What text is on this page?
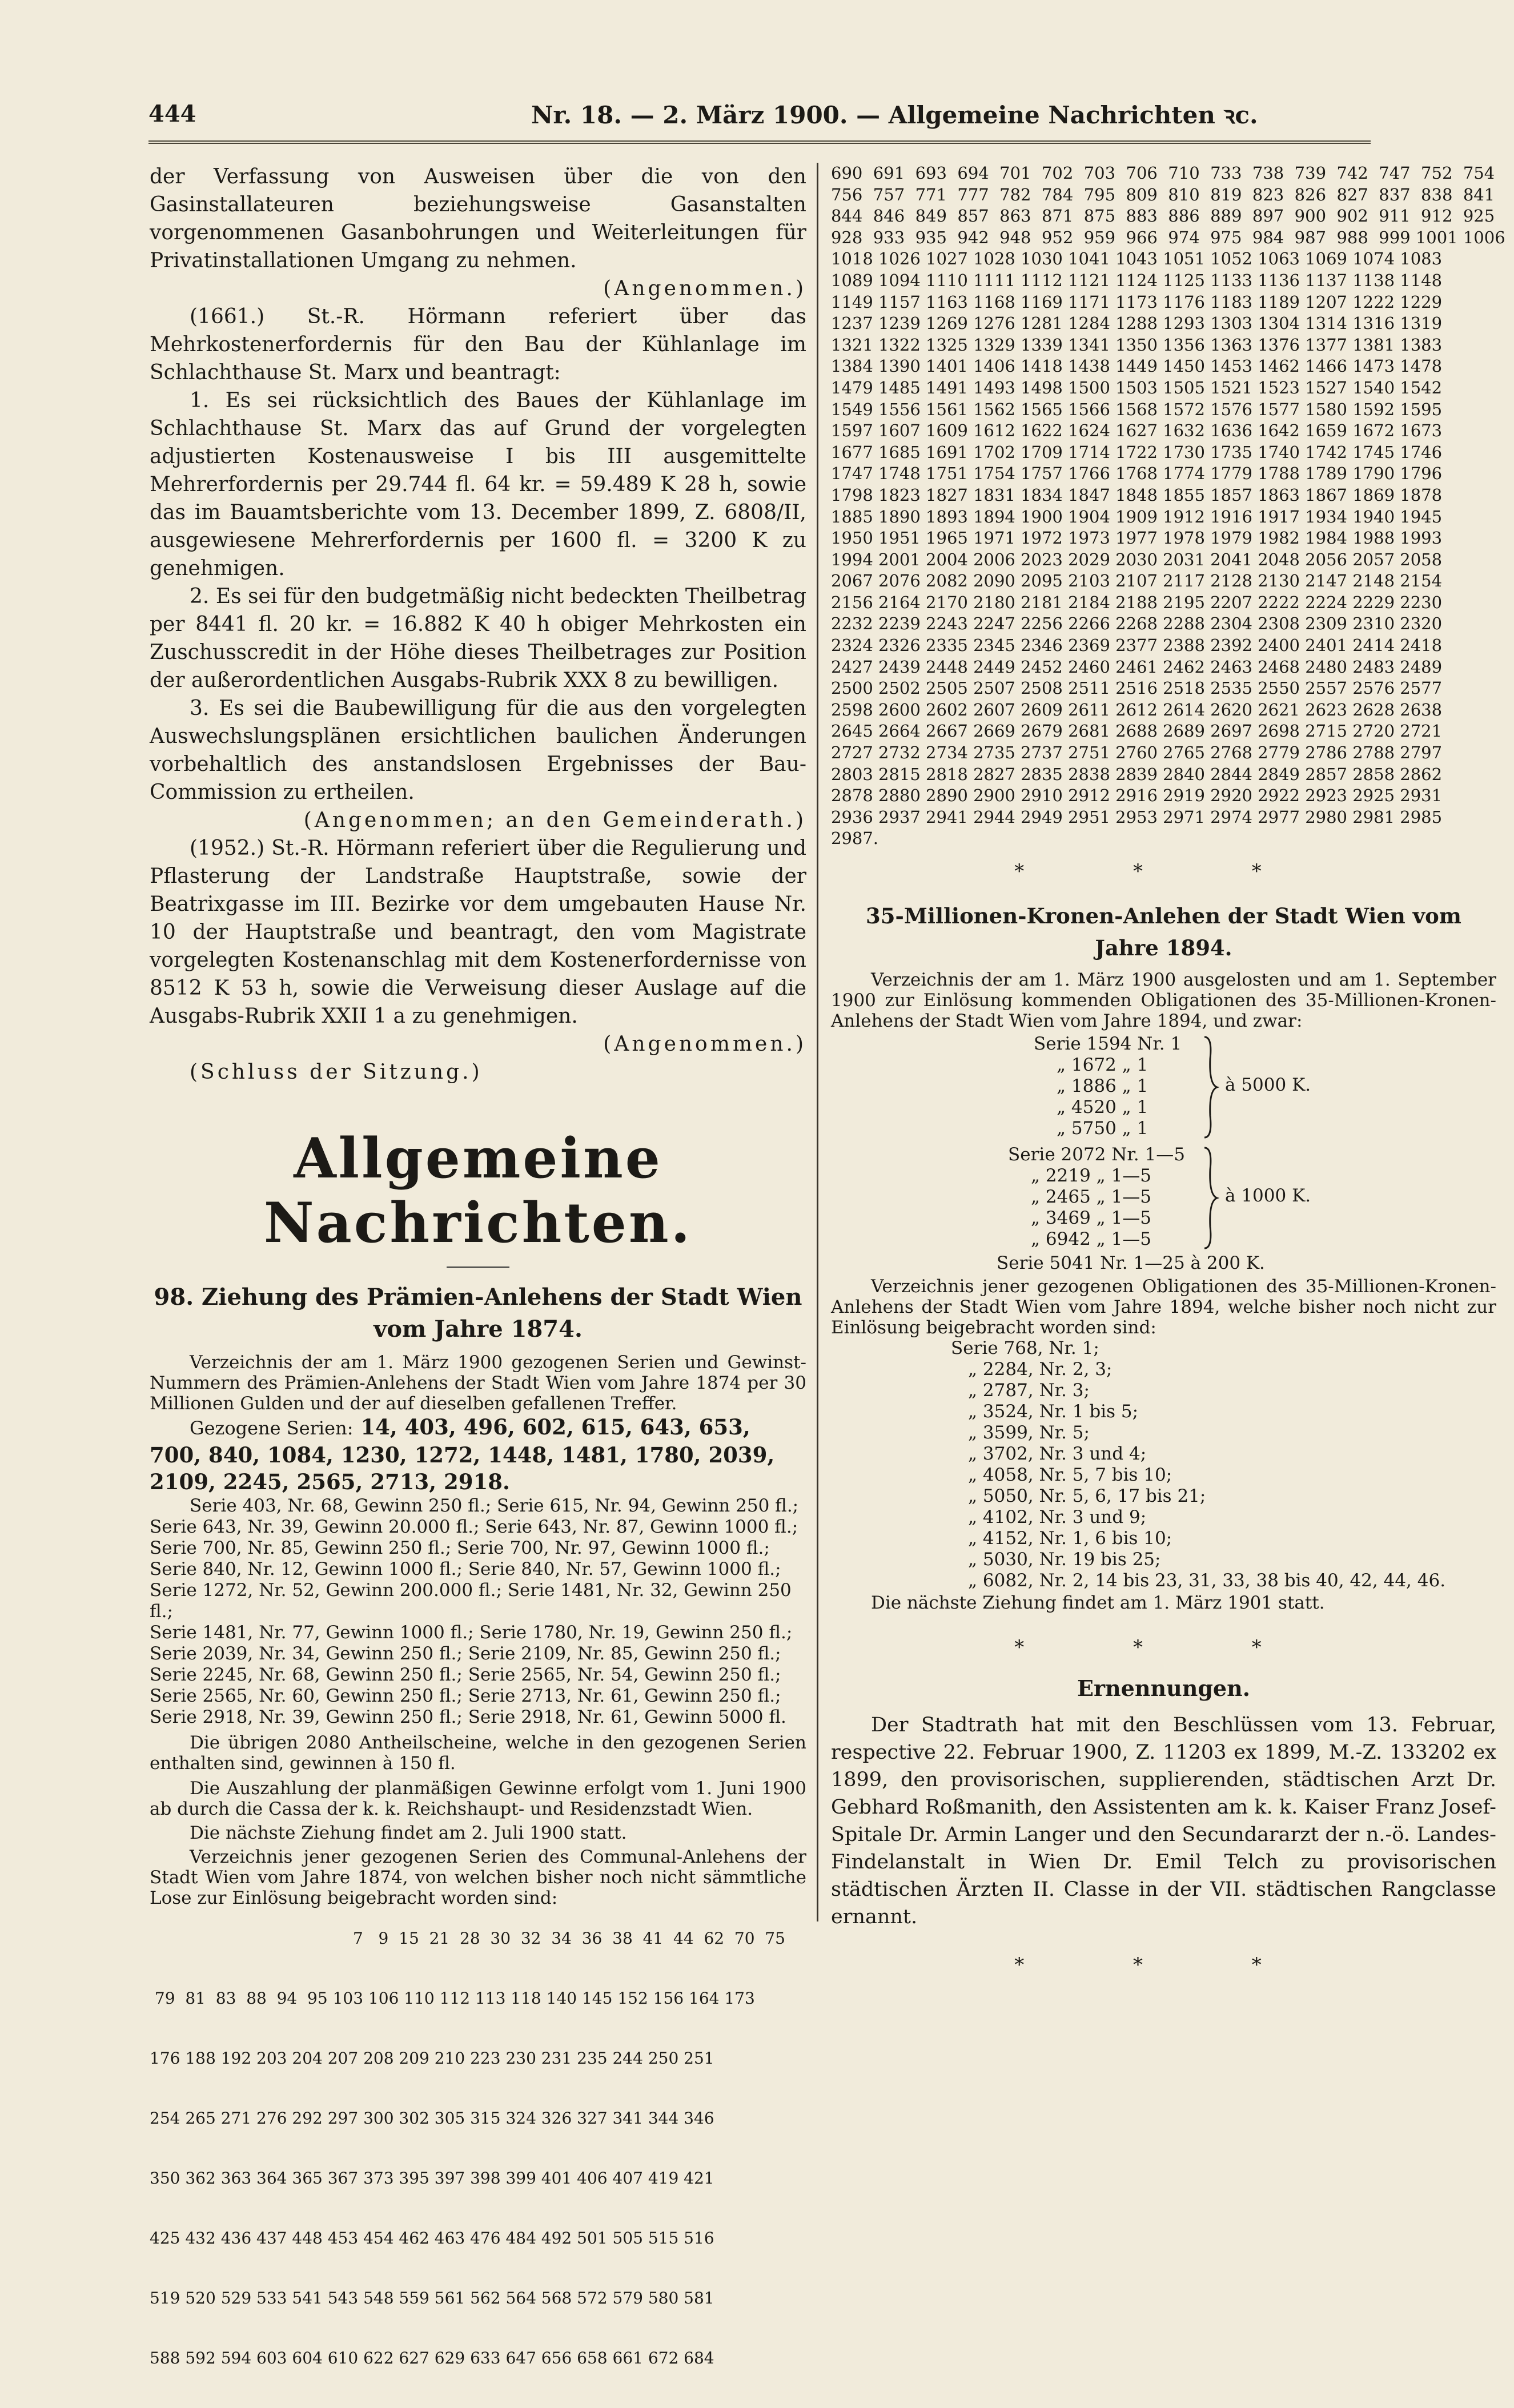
444	Nr. 18. — 2. März 1900. — Allgemeine Nachrichten ꝛc.

der Verfassung von Ausweisen über die von den Gasinstallateuren beziehungsweise Gasanstalten vorgenommenen Gasanbohrungen und Weiterleitungen für Privatinstallationen Umgang zu nehmen.

(Angenommen.)

(1661.) St.-R. Hörmann referiert über das Mehrkostenerfordernis für den Bau der Kühlanlage im Schlachthause St. Marx und beantragt:

1. Es sei rücksichtlich des Baues der Kühlanlage im Schlachthause St. Marx das auf Grund der vorgelegten adjustierten Kostenausweise I bis III ausgemittelte Mehrerfordernis per 29.744 fl. 64 kr. = 59.489 K 28 h, sowie das im Bauamtsberichte vom 13. December 1899, Z. 6808/II, ausgewiesene Mehrerfordernis per 1600 fl. = 3200 K zu genehmigen.

2. Es sei für den budgetmäßig nicht bedeckten Theilbetrag per 8441 fl. 20 kr. = 16.882 K 40 h obiger Mehrkosten ein Zuschusscredit in der Höhe dieses Theilbetrages zur Position der außerordentlichen Ausgabs-Rubrik XXX 8 zu bewilligen.

3. Es sei die Baubewilligung für die aus den vorgelegten Auswechslungsplänen ersichtlichen baulichen Änderungen vorbehaltlich des anstandslosen Ergebnisses der Bau-Commission zu ertheilen.

(Angenommen; an den Gemeinderath.)

(1952.) St.-R. Hörmann referiert über die Regulierung und Pflasterung der Landstraße Hauptstraße, sowie der Beatrixgasse im III. Bezirke vor dem umgebauten Hause Nr. 10 der Hauptstraße und beantragt, den vom Magistrate vorgelegten Kostenanschlag mit dem Kostenerfordernisse von 8512 K 53 h, sowie die Verweisung dieser Auslage auf die Ausgabs-Rubrik XXII 1 a zu genehmigen.

(Angenommen.)

(Schluss der Sitzung.)

Allgemeine Nachrichten.
98. Ziehung des Prämien-Anlehens der Stadt Wien vom Jahre 1874.

Verzeichnis der am 1. März 1900 gezogenen Serien und Gewinst-Nummern des Prämien-Anlehens der Stadt Wien vom Jahre 1874 per 30 Millionen Gulden und der auf dieselben gefallenen Treffer.

Gezogene Serien: 14, 403, 496, 602, 615, 643, 653, 700, 840, 1084, 1230, 1272, 1448, 1481, 1780, 2039, 2109, 2245, 2565, 2713, 2918.

Serie 403, Nr. 68, Gewinn 250 fl.; Serie 615, Nr. 94, Gewinn 250 fl.;

Serie 643, Nr. 39, Gewinn 20.000 fl.; Serie 643, Nr. 87, Gewinn 1000 fl.;

Serie 700, Nr. 85, Gewinn 250 fl.; Serie 700, Nr. 97, Gewinn 1000 fl.;

Serie 840, Nr. 12, Gewinn 1000 fl.; Serie 840, Nr. 57, Gewinn 1000 fl.;

Serie 1272, Nr. 52, Gewinn 200.000 fl.; Serie 1481, Nr. 32, Gewinn 250 fl.;

Serie 1481, Nr. 77, Gewinn 1000 fl.; Serie 1780, Nr. 19, Gewinn 250 fl.;

Serie 2039, Nr. 34, Gewinn 250 fl.; Serie 2109, Nr. 85, Gewinn 250 fl.;

Serie 2245, Nr. 68, Gewinn 250 fl.; Serie 2565, Nr. 54, Gewinn 250 fl.;

Serie 2565, Nr. 60, Gewinn 250 fl.; Serie 2713, Nr. 61, Gewinn 250 fl.;

Serie 2918, Nr. 39, Gewinn 250 fl.; Serie 2918, Nr. 61, Gewinn 5000 fl.

Die übrigen 2080 Antheilscheine, welche in den gezogenen Serien enthalten sind, gewinnen à 150 fl.

Die Auszahlung der planmäßigen Gewinne erfolgt vom 1. Juni 1900 ab durch die Cassa der k. k. Reichshaupt- und Residenzstadt Wien.

Die nächste Ziehung findet am 2. Juli 1900 statt.

Verzeichnis jener gezogenen Serien des Communal-Anlehens der Stadt Wien vom Jahre 1874, von welchen bisher noch nicht sämmtliche Lose zur Einlösung beigebracht worden sind:

7   9  15  21  28  30  32  34  36  38  41  44  62  70  75

79  81  83  88  94  95 103 106 110 112 113 118 140 145 152 156 164 173

176 188 192 203 204 207 208 209 210 223 230 231 235 244 250 251

254 265 271 276 292 297 300 302 305 315 324 326 327 341 344 346

350 362 363 364 365 367 373 395 397 398 399 401 406 407 419 421

425 432 436 437 448 453 454 462 463 476 484 492 501 505 515 516

519 520 529 533 541 543 548 559 561 562 564 568 572 579 580 581

588 592 594 603 604 610 622 627 629 633 647 656 658 661 672 684

690  691  693  694  701  702  703  706  710  733  738  739  742  747  752  754
756  757  771  777  782  784  795  809  810  819  823  826  827  837  838  841
844  846  849  857  863  871  875  883  886  889  897  900  902  911  912  925
928  933  935  942  948  952  959  966  974  975  984  987  988  999 1001 1006
1018 1026 1027 1028 1030 1041 1043 1051 1052 1063 1069 1074 1083
1089 1094 1110 1111 1112 1121 1124 1125 1133 1136 1137 1138 1148
1149 1157 1163 1168 1169 1171 1173 1176 1183 1189 1207 1222 1229
1237 1239 1269 1276 1281 1284 1288 1293 1303 1304 1314 1316 1319
1321 1322 1325 1329 1339 1341 1350 1356 1363 1376 1377 1381 1383
1384 1390 1401 1406 1418 1438 1449 1450 1453 1462 1466 1473 1478
1479 1485 1491 1493 1498 1500 1503 1505 1521 1523 1527 1540 1542
1549 1556 1561 1562 1565 1566 1568 1572 1576 1577 1580 1592 1595
1597 1607 1609 1612 1622 1624 1627 1632 1636 1642 1659 1672 1673
1677 1685 1691 1702 1709 1714 1722 1730 1735 1740 1742 1745 1746
1747 1748 1751 1754 1757 1766 1768 1774 1779 1788 1789 1790 1796
1798 1823 1827 1831 1834 1847 1848 1855 1857 1863 1867 1869 1878
1885 1890 1893 1894 1900 1904 1909 1912 1916 1917 1934 1940 1945
1950 1951 1965 1971 1972 1973 1977 1978 1979 1982 1984 1988 1993
1994 2001 2004 2006 2023 2029 2030 2031 2041 2048 2056 2057 2058
2067 2076 2082 2090 2095 2103 2107 2117 2128 2130 2147 2148 2154
2156 2164 2170 2180 2181 2184 2188 2195 2207 2222 2224 2229 2230
2232 2239 2243 2247 2256 2266 2268 2288 2304 2308 2309 2310 2320
2324 2326 2335 2345 2346 2369 2377 2388 2392 2400 2401 2414 2418
2427 2439 2448 2449 2452 2460 2461 2462 2463 2468 2480 2483 2489
2500 2502 2505 2507 2508 2511 2516 2518 2535 2550 2557 2576 2577
2598 2600 2602 2607 2609 2611 2612 2614 2620 2621 2623 2628 2638
2645 2664 2667 2669 2679 2681 2688 2689 2697 2698 2715 2720 2721
2727 2732 2734 2735 2737 2751 2760 2765 2768 2779 2786 2788 2797
2803 2815 2818 2827 2835 2838 2839 2840 2844 2849 2857 2858 2862
2878 2880 2890 2900 2910 2912 2916 2919 2920 2922 2923 2925 2931
2936 2937 2941 2944 2949 2951 2953 2971 2974 2977 2980 2981 2985
2987.
* * *
35-Millionen-Kronen-Anlehen der Stadt Wien vom Jahre 1894.

Verzeichnis der am 1. März 1900 ausgelosten und am 1. September 1900 zur Einlösung kommenden Obligationen des 35-Millionen-Kronen-Anlehens der Stadt Wien vom Jahre 1894, und zwar:

Serie 1594 Nr. 1
„ 1672 „ 1
„ 1886 „ 1
„ 4520 „ 1
„ 5750 „ 1
à 5000 K.
Serie 2072 Nr. 1—5
„ 2219 „ 1—5
„ 2465 „ 1—5
„ 3469 „ 1—5
„ 6942 „ 1—5
à 1000 K.

Serie 5041 Nr. 1—25 à 200 K.

Verzeichnis jener gezogenen Obligationen des 35-Millionen-Kronen-Anlehens der Stadt Wien vom Jahre 1894, welche bisher noch nicht zur Einlösung beigebracht worden sind:

Serie 768, Nr. 1;
„ 2284, Nr. 2, 3;
„ 2787, Nr. 3;
„ 3524, Nr. 1 bis 5;
„ 3599, Nr. 5;
„ 3702, Nr. 3 und 4;
„ 4058, Nr. 5, 7 bis 10;
„ 5050, Nr. 5, 6, 17 bis 21;
„ 4102, Nr. 3 und 9;
„ 4152, Nr. 1, 6 bis 10;
„ 5030, Nr. 19 bis 25;
„ 6082, Nr. 2, 14 bis 23, 31, 33, 38 bis 40, 42, 44, 46.

Die nächste Ziehung findet am 1. März 1901 statt.

* * *
Ernennungen.

Der Stadtrath hat mit den Beschlüssen vom 13. Februar, respective 22. Februar 1900, Z. 11203 ex 1899, M.-Z. 133202 ex 1899, den provisorischen, supplierenden, städtischen Arzt Dr. Gebhard Roßmanith, den Assistenten am k. k. Kaiser Franz Josef-Spitale Dr. Armin Langer und den Secundararzt der n.-ö. Landes-Findelanstalt in Wien Dr. Emil Telch zu provisorischen städtischen Ärzten II. Classe in der VII. städtischen Rangclasse ernannt.

* * *
